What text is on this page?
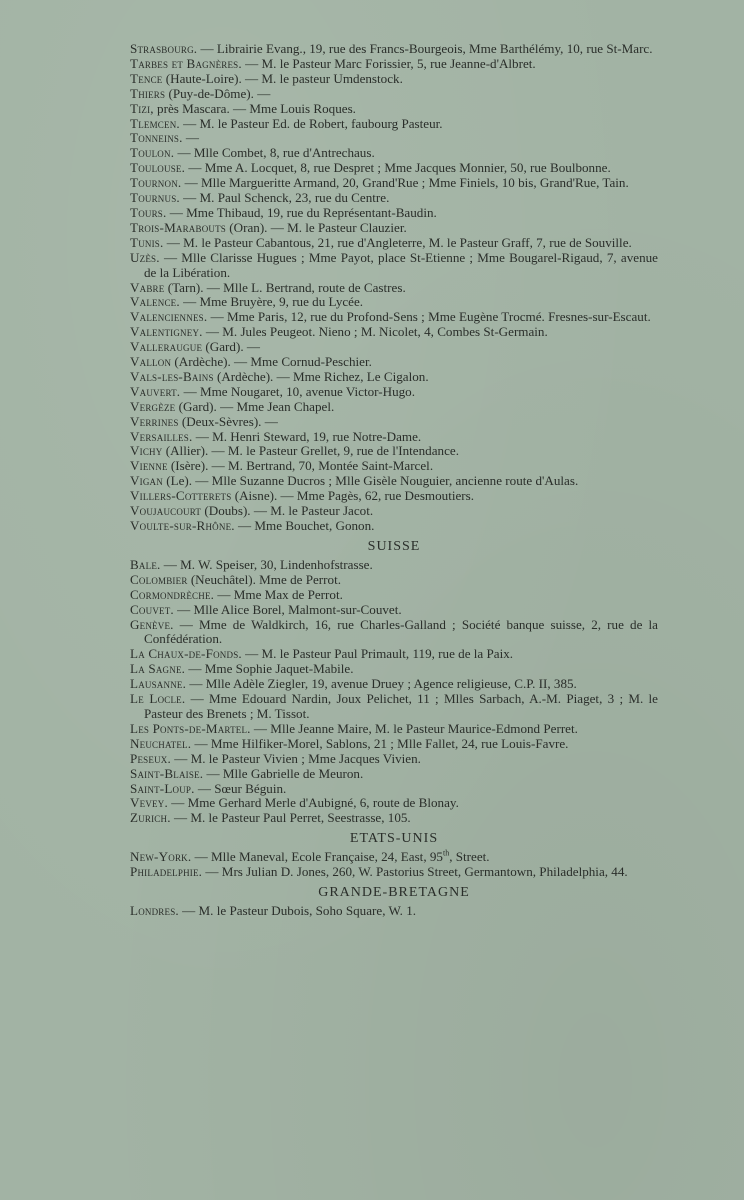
Strasbourg. — Librairie Evang., 19, rue des Francs-Bourgeois, Mme Barthélémy, 10, rue St-Marc.

Tarbes et Bagnères. — M. le Pasteur Marc Forissier, 5, rue Jeanne-d'Albret.

Tence (Haute-Loire). — M. le pasteur Umdenstock.

Thiers (Puy-de-Dôme). —

Tizi, près Mascara. — Mme Louis Roques.

Tlemcen. — M. le Pasteur Ed. de Robert, faubourg Pasteur.

Tonneins. —

Toulon. — Mlle Combet, 8, rue d'Antrechaus.

Toulouse. — Mme A. Locquet, 8, rue Despret ; Mme Jacques Monnier, 50, rue Boulbonne.

Tournon. — Mlle Margueritte Armand, 20, Grand'Rue ; Mme Finiels, 10 bis, Grand'Rue, Tain.

Tournus. — M. Paul Schenck, 23, rue du Centre.

Tours. — Mme Thibaud, 19, rue du Représentant-Baudin.

Trois-Marabouts (Oran). — M. le Pasteur Clauzier.

Tunis. — M. le Pasteur Cabantous, 21, rue d'Angleterre, M. le Pasteur Graff, 7, rue de Souville.

Uzès. — Mlle Clarisse Hugues ; Mme Payot, place St-Etienne ; Mme Bougarel-Rigaud, 7, avenue de la Libération.

Vabre (Tarn). — Mlle L. Bertrand, route de Castres.

Valence. — Mme Bruyère, 9, rue du Lycée.

Valenciennes. — Mme Paris, 12, rue du Profond-Sens ; Mme Eugène Trocmé. Fresnes-sur-Escaut.

Valentigney. — M. Jules Peugeot. Nieno ; M. Nicolet, 4, Combes St-Germain.

Valleraugue (Gard). —

Vallon (Ardèche). — Mme Cornud-Peschier.

Vals-les-Bains (Ardèche). — Mme Richez, Le Cigalon.

Vauvert. — Mme Nougaret, 10, avenue Victor-Hugo.

Vergèze (Gard). — Mme Jean Chapel.

Verrines (Deux-Sèvres). —

Versailles. — M. Henri Steward, 19, rue Notre-Dame.

Vichy (Allier). — M. le Pasteur Grellet, 9, rue de l'Intendance.

Vienne (Isère). — M. Bertrand, 70, Montée Saint-Marcel.

Vigan (Le). — Mlle Suzanne Ducros ; Mlle Gisèle Nouguier, ancienne route d'Aulas.

Villers-Cotterets (Aisne). — Mme Pagès, 62, rue Desmoutiers.

Voujaucourt (Doubs). — M. le Pasteur Jacot.

Voulte-sur-Rhône. — Mme Bouchet, Gonon.

SUISSE

Bale. — M. W. Speiser, 30, Lindenhofstrasse.

Colombier (Neuchâtel). Mme de Perrot.

Cormondrèche. — Mme Max de Perrot.

Couvet. — Mlle Alice Borel, Malmont-sur-Couvet.

Genève. — Mme de Waldkirch, 16, rue Charles-Galland ; Société banque suisse, 2, rue de la Confédération.

La Chaux-de-Fonds. — M. le Pasteur Paul Primault, 119, rue de la Paix.

La Sagne. — Mme Sophie Jaquet-Mabile.

Lausanne. — Mlle Adèle Ziegler, 19, avenue Druey ; Agence religieuse, C.P. II, 385.

Le Locle. — Mme Edouard Nardin, Joux Pelichet, 11 ; Mlles Sarbach, A.-M. Piaget, 3 ; M. le Pasteur des Brenets ; M. Tissot.

Les Ponts-de-Martel. — Mlle Jeanne Maire, M. le Pasteur Maurice-Edmond Perret.

Neuchatel. — Mme Hilfiker-Morel, Sablons, 21 ; Mlle Fallet, 24, rue Louis-Favre.

Peseux. — M. le Pasteur Vivien ; Mme Jacques Vivien.

Saint-Blaise. — Mlle Gabrielle de Meuron.

Saint-Loup. — Sœur Béguin.

Vevey. — Mme Gerhard Merle d'Aubigné, 6, route de Blonay.

Zurich. — M. le Pasteur Paul Perret, Seestrasse, 105.

ETATS-UNIS

New-York. — Mlle Maneval, Ecole Française, 24, East, 95th, Street.

Philadelphie. — Mrs Julian D. Jones, 260, W. Pastorius Street, Germantown, Philadelphia, 44.

GRANDE-BRETAGNE

Londres. — M. le Pasteur Dubois, Soho Square, W. 1.
